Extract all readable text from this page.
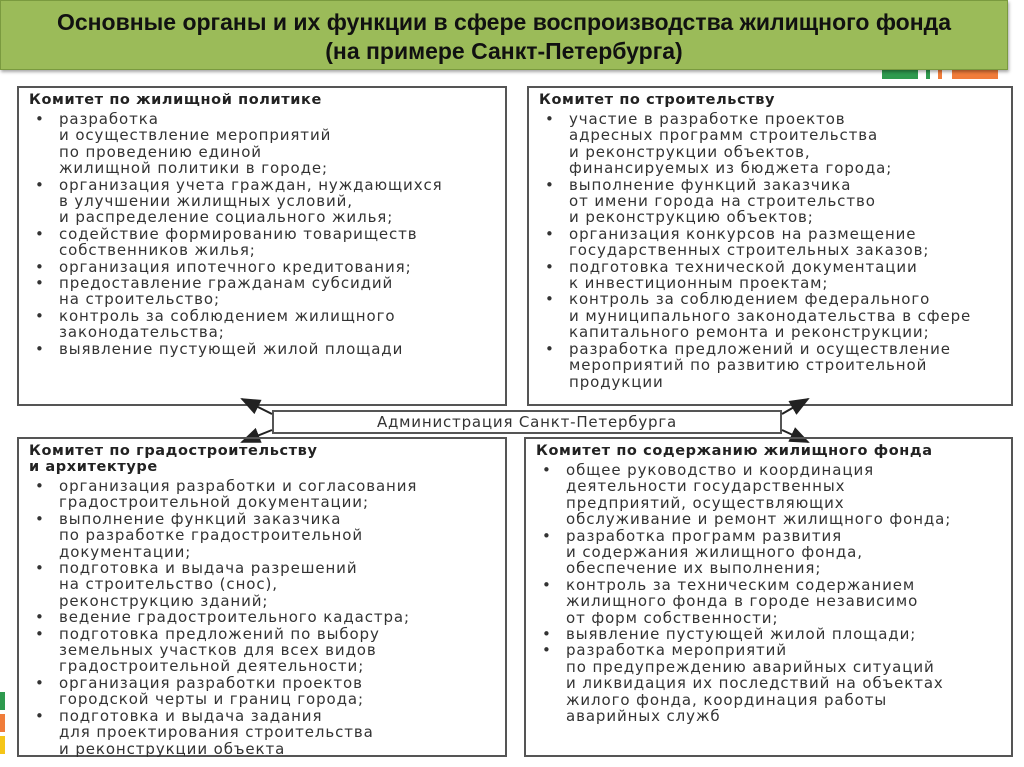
Основные органы и их функции в сфере воспроизводства жилищного фонда
(на примере Санкт-Петербурга)
Комитет по жилищной политике
• разработка
и осуществление мероприятий
по проведению единой
жилищной политики в городе;
• организация учета граждан, нуждающихся
в улучшении жилищных условий,
и распределение социального жилья;
• содействие формированию товариществ
собственников жилья;
• организация ипотечного кредитования;
• предоставление гражданам субсидий
на строительство;
• контроль за соблюдением жилищного
законодательства;
• выявление пустующей жилой площади
Комитет по строительству
• участие в разработке проектов
адресных программ строительства
и реконструкции объектов,
финансируемых из бюджета города;
• выполнение функций заказчика
от имени города на строительство
и реконструкцию объектов;
• организация конкурсов на размещение
государственных строительных заказов;
• подготовка технической документации
к инвестиционным проектам;
• контроль за соблюдением федерального
и муниципального законодательства в сфере
капитального ремонта и реконструкции;
• разработка предложений и осуществление
мероприятий по развитию строительной
продукции
Администрация Санкт-Петербурга
Комитет по градостроительству
и архитектуре
• организация разработки и согласования
градостроительной документации;
• выполнение функций заказчика
по разработке градостроительной
документации;
• подготовка и выдача разрешений
на строительство (снос),
реконструкцию зданий;
• ведение градостроительного кадастра;
• подготовка предложений по выбору
земельных участков для всех видов
градостроительной деятельности;
• организация разработки проектов
городской черты и границ города;
• подготовка и выдача задания
для проектирования строительства
и реконструкции объекта
Комитет по содержанию жилищного фонда
• общее руководство и координация
деятельности государственных
предприятий, осуществляющих
обслуживание и ремонт жилищного фонда;
• разработка программ развития
и содержания жилищного фонда,
обеспечение их выполнения;
• контроль за техническим содержанием
жилищного фонда в городе независимо
от форм собственности;
• выявление пустующей жилой площади;
• разработка мероприятий
по предупреждению аварийных ситуаций
и ликвидация их последствий на объектах
жилого фонда, координация работы
аварийных служб
